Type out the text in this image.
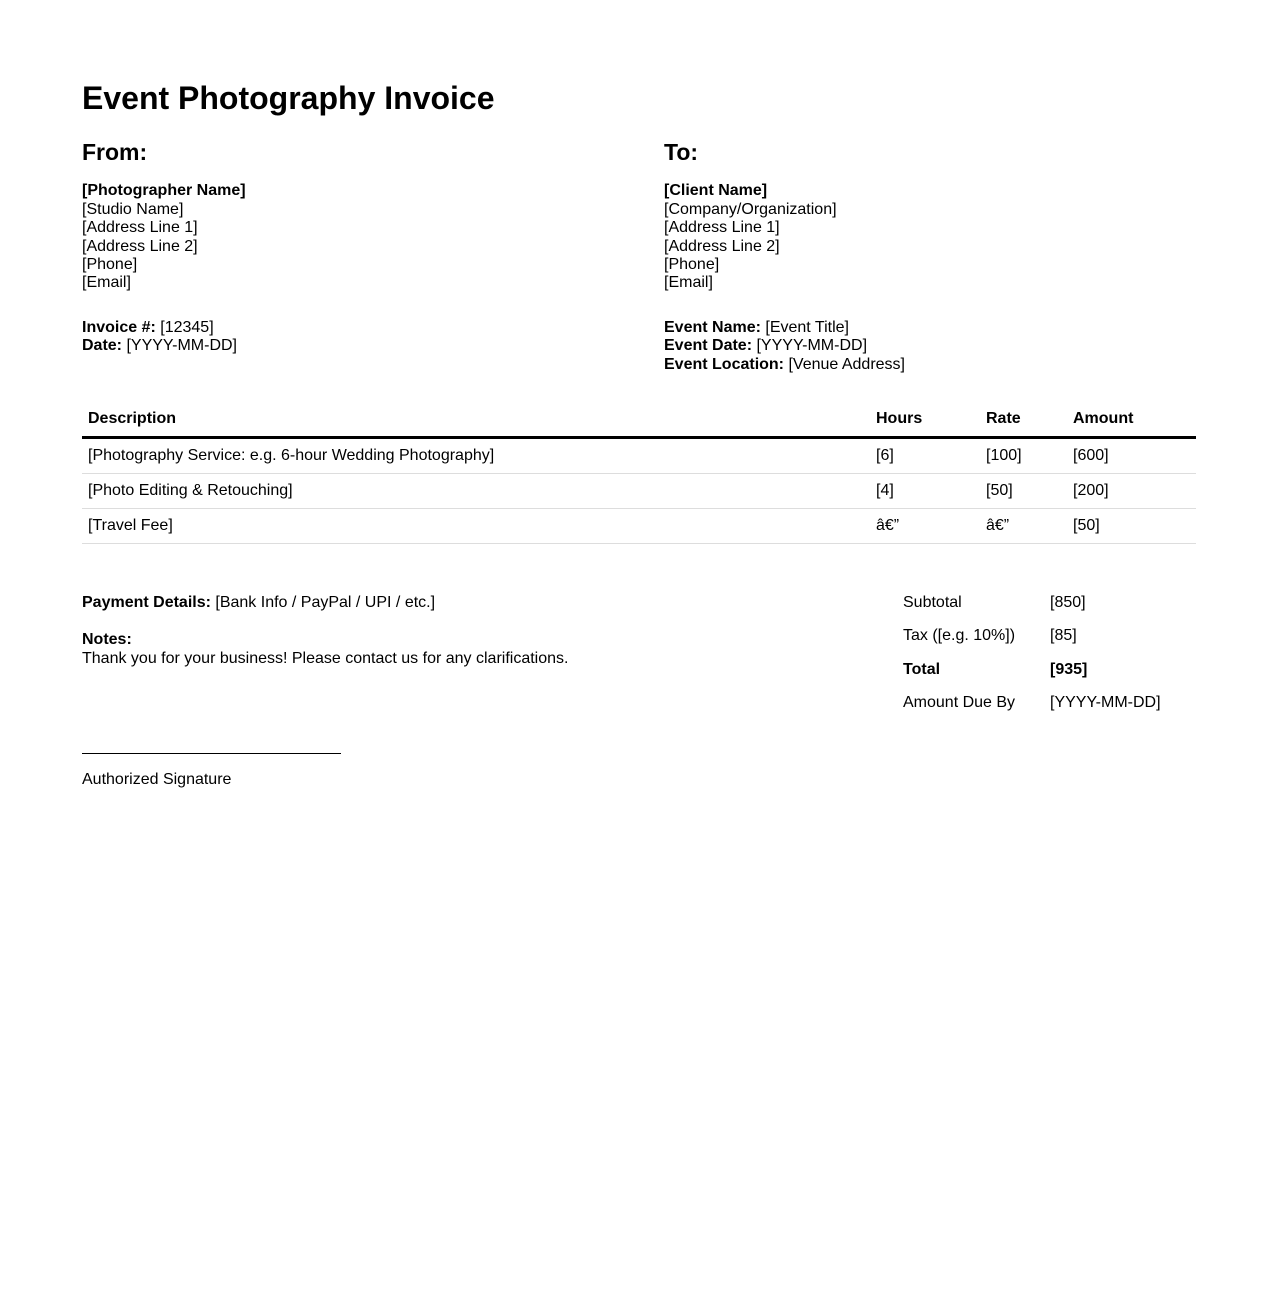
Event Photography Invoice
From:

[Photographer Name]
[Studio Name]
[Address Line 1]
[Address Line 2]
[Phone]
[Email]

Invoice #: [12345]
Date: [YYYY-MM-DD]

To:

[Client Name]
[Company/Organization]
[Address Line 1]
[Address Line 2]
[Phone]
[Email]

Event Name: [Event Title]
Event Date: [YYYY-MM-DD]
Event Location: [Venue Address]

Description	Hours	Rate	Amount
[Photography Service: e.g. 6-hour Wedding Photography]	[6]	[100]	[600]
[Photo Editing & Retouching]	[4]	[50]	[200]
[Travel Fee]	â€”	â€”	[50]

Payment Details: [Bank Info / PayPal / UPI / etc.]

Notes:
Thank you for your business! Please contact us for any clarifications.

Subtotal	[850]
Tax ([e.g. 10%])	[85]
Total	[935]
Amount Due By	[YYYY-MM-DD]

Authorized Signature
